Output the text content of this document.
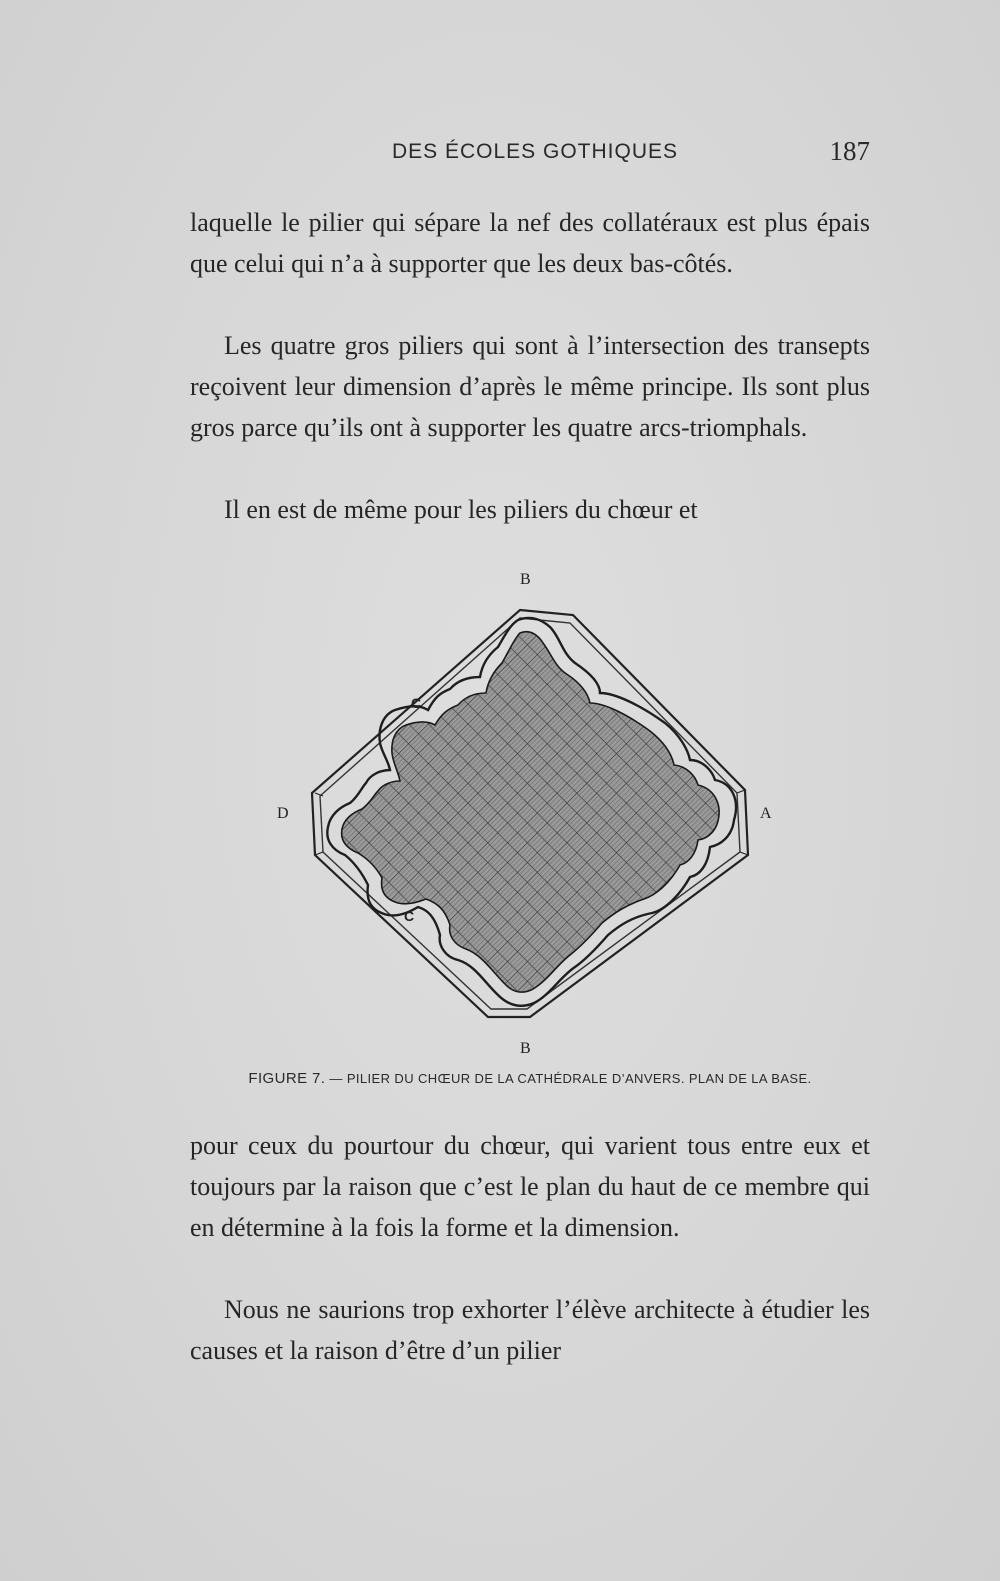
DES ÉCOLES GOTHIQUES	187
laquelle le pilier qui sépare la nef des collatéraux est plus épais que celui qui n’a à supporter que les deux bas-côtés.
Les quatre gros piliers qui sont à l’intersection des transepts reçoivent leur dimension d’après le même principe. Ils sont plus gros parce qu’ils ont à supporter les quatre arcs-triomphals.
Il en est de même pour les piliers du chœur et
B
B
D	A
C
C
FIGURE 7. — PILIER DU CHŒUR DE LA CATHÉDRALE D’ANVERS. PLAN DE LA BASE.
pour ceux du pourtour du chœur, qui varient tous entre eux et toujours par la raison que c’est le plan du haut de ce membre qui en détermine à la fois la forme et la dimension.
Nous ne saurions trop exhorter l’élève architecte à étudier les causes et la raison d’être d’un pilier
